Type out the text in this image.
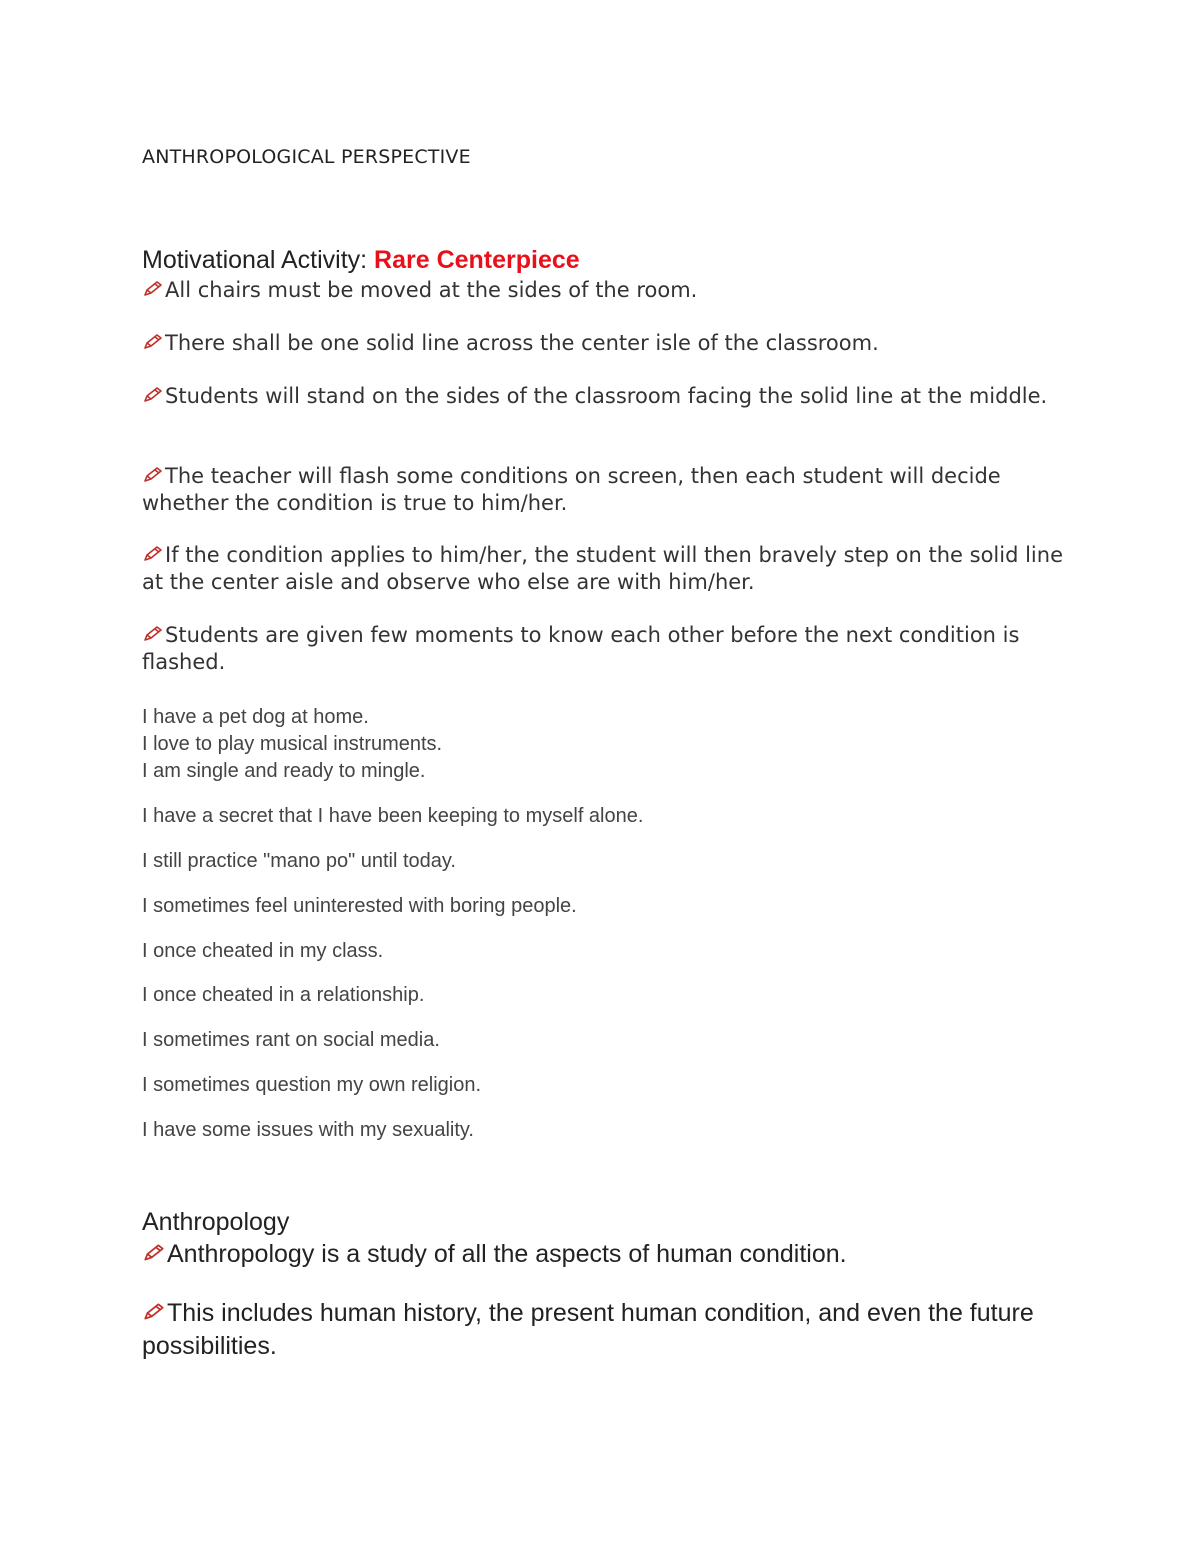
ANTHROPOLOGICAL PERSPECTIVE
Motivational Activity: Rare Centerpiece
All chairs must be moved at the sides of the room.
There shall be one solid line across the center isle of the classroom.
Students will stand on the sides of the classroom facing the solid line at the middle.
The teacher will flash some conditions on screen, then each student will decide whether the condition is true to him/her.
If the condition applies to him/her, the student will then bravely step on the solid line at the center aisle and observe who else are with him/her.
Students are given few moments to know each other before the next condition is flashed.
I have a pet dog at home.
I love to play musical instruments.
I am single and ready to mingle.
I have a secret that I have been keeping to myself alone.
I still practice "mano po" until today.
I sometimes feel uninterested with boring people.
I once cheated in my class.
I once cheated in a relationship.
I sometimes rant on social media.
I sometimes question my own religion.
I have some issues with my sexuality.
Anthropology
Anthropology is a study of all the aspects of human condition.
This includes human history, the present human condition, and even the future possibilities.
